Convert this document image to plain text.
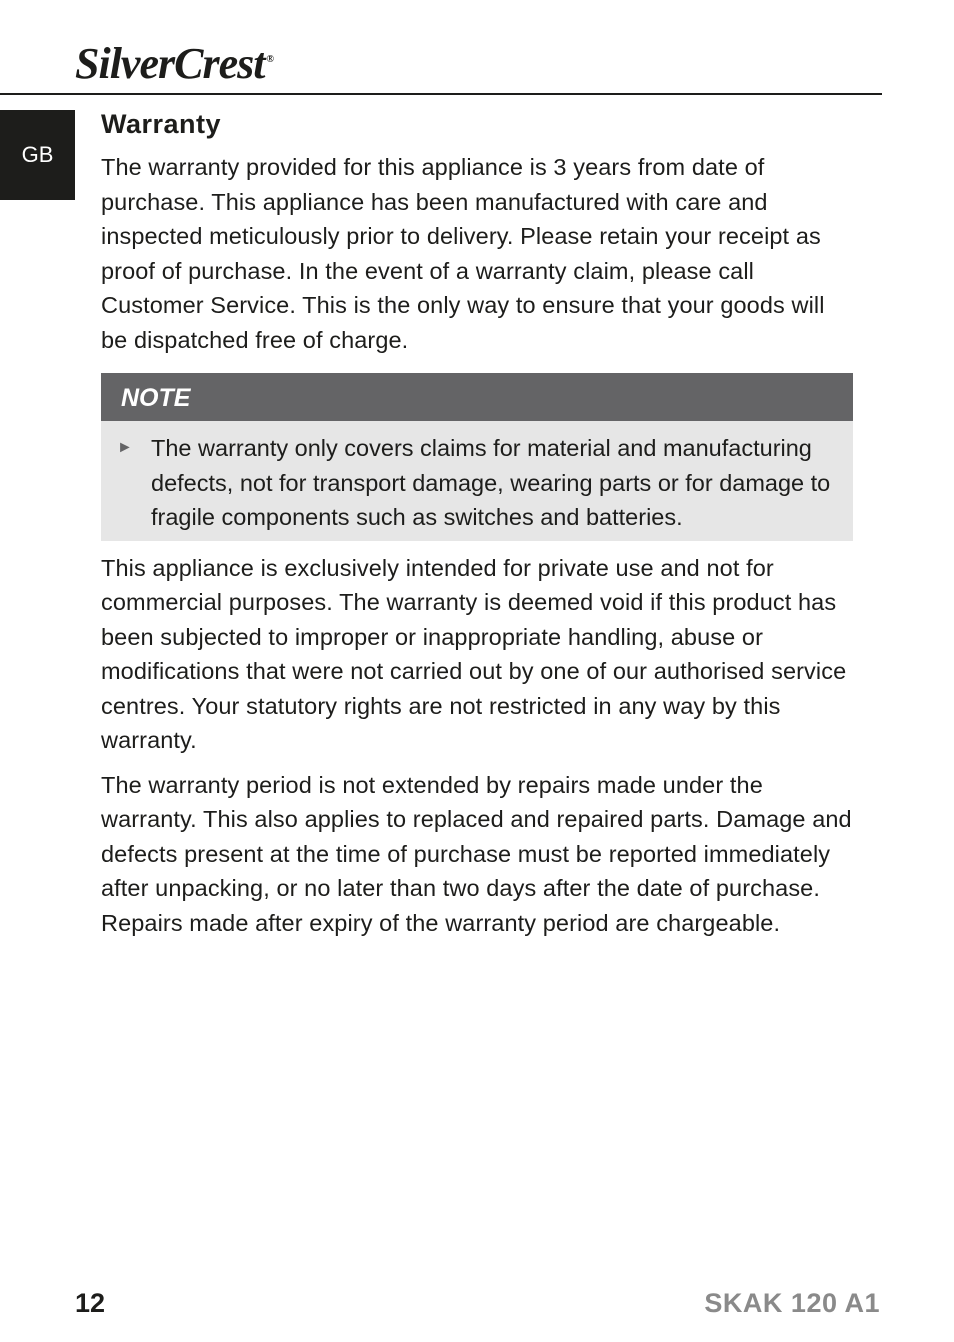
SilverCrest ®
GB
Warranty

The warranty provided for this appliance is 3 years from date of purchase. This appliance has been manufactured with care and inspected meticulously prior to delivery. Please retain your receipt as proof of purchase. In the event of a warranty claim, please call Customer Service. This is the only way to ensure that your goods will be dispatched free of charge.

NOTE
► The warranty only covers claims for material and manufacturing defects, not for transport damage, wearing parts or for damage to fragile components such as switches and batteries.

This appliance is exclusively intended for private use and not for commercial purposes. The warranty is deemed void if this product has been subjected to improper or inappropriate handling, abuse or modifications that were not carried out by one of our authorised service centres. Your statutory rights are not restricted in any way by this warranty.

The warranty period is not extended by repairs made under the warranty. This also applies to replaced and repaired parts. Damage and defects present at the time of purchase must be reported immediately after unpacking, or no later than two days after the date of purchase. Repairs made after expiry of the warranty period are chargeable.

12	SKAK 120 A1
